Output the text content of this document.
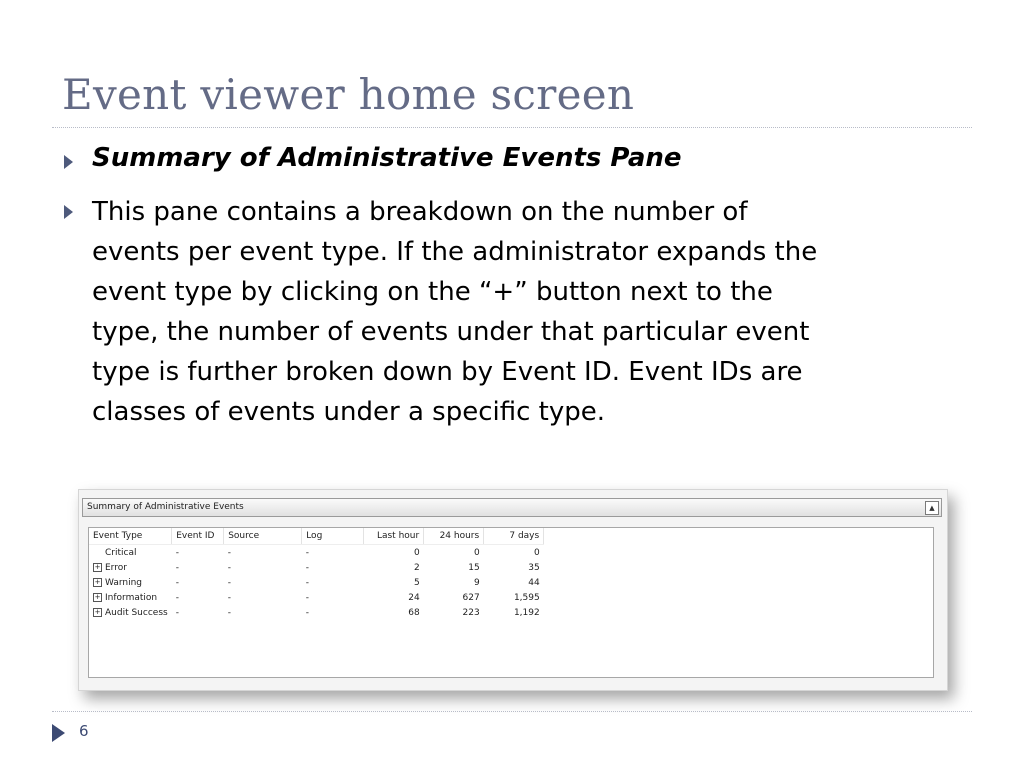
Event viewer home screen
Summary of Administrative Events Pane
This pane contains a breakdown on the number of
events per event type. If the administrator expands the
event type by clicking on the “+” button next to the
type, the number of events under that particular event
type is further broken down by Event ID. Event IDs are
classes of events under a specific type.
Summary of Administrative Events	▲
Event Type	Event ID	Source	Log	Last hour	24 hours	7 days
Critical	-	-	-	0	0	0
+ Error	-	-	-	2	15	35
+ Warning	-	-	-	5	9	44
+ Information	-	-	-	24	627	1,595
+ Audit Success	-	-	-	68	223	1,192
6
